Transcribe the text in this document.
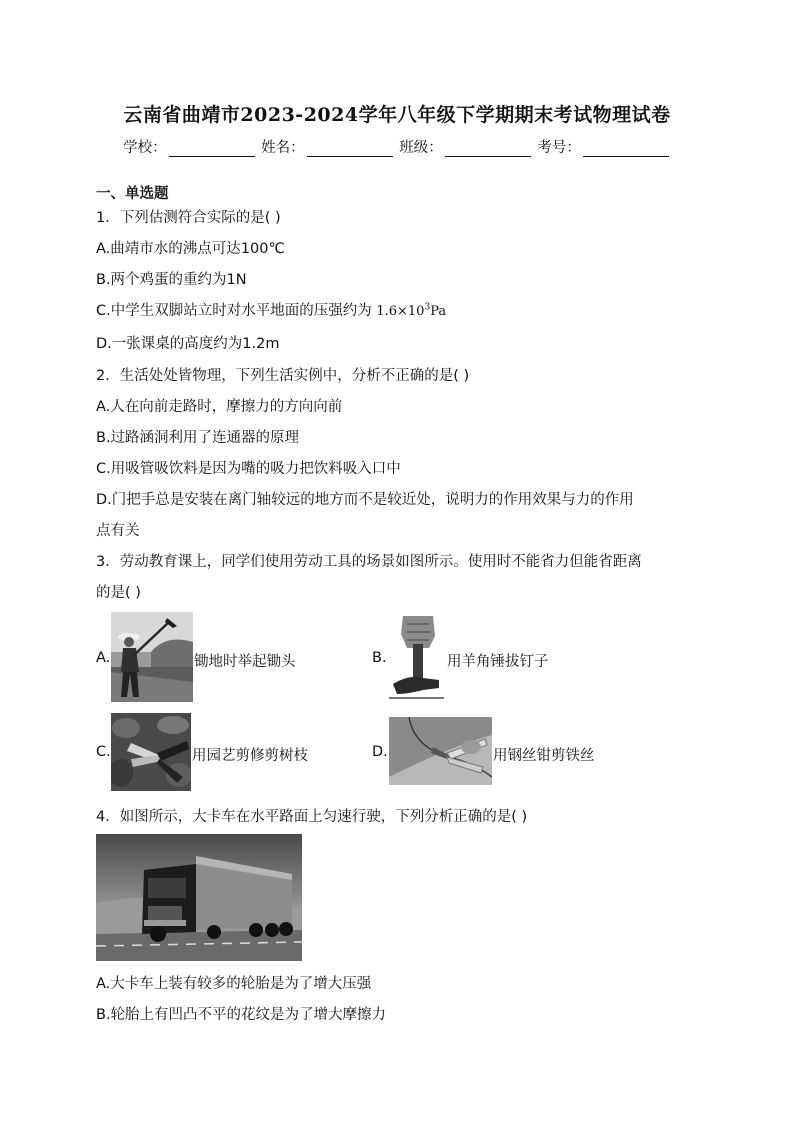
云南省曲靖市2023-2024学年八年级下学期期末考试物理试卷
学校：	姓名：	班级：	考号：
一、单选题
1．下列估测符合实际的是( )
A.曲靖市水的沸点可达100℃
B.两个鸡蛋的重约为1N
C.中学生双脚站立时对水平地面的压强约为 $1.6\times 10^3Pa$
D.一张课桌的高度约为1.2m
2．生活处处皆物理，下列生活实例中，分析不正确的是( )
A.人在向前走路时，摩擦力的方向向前
B.过路涵洞利用了连通器的原理
C.用吸管吸饮料是因为嘴的吸力把饮料吸入口中
D.门把手总是安装在离门轴较远的地方而不是较近处，说明力的作用效果与力的作用
点有关
3．劳动教育课上，同学们使用劳动工具的场景如图所示。使用时不能省力但能省距离
的是( )
A.	锄地时举起锄头	B.	用羊角锤拔钉子
C.	用园艺剪修剪树枝	D.	用钢丝钳剪铁丝
4．如图所示，大卡车在水平路面上匀速行驶，下列分析正确的是( )
A.大卡车上装有较多的轮胎是为了增大压强
B.轮胎上有凹凸不平的花纹是为了增大摩擦力
